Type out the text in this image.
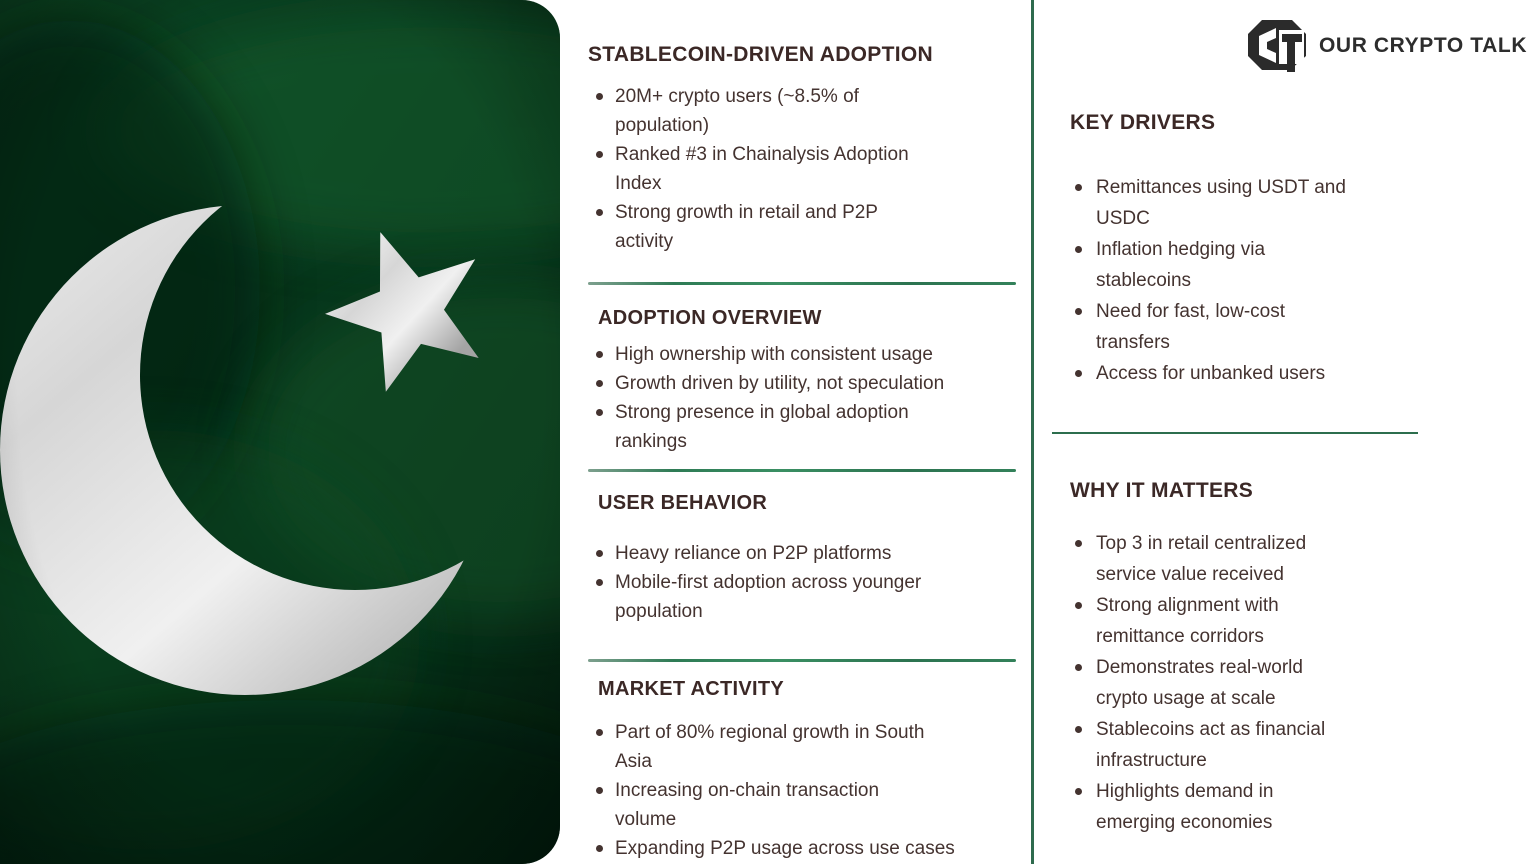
STABLECOIN-DRIVEN ADOPTION
20M+ crypto users (~8.5% of
population)
Ranked #3 in Chainalysis Adoption
Index
Strong growth in retail and P2P
activity
ADOPTION OVERVIEW
High ownership with consistent usage
Growth driven by utility, not speculation
Strong presence in global adoption
rankings
USER BEHAVIOR
Heavy reliance on P2P platforms
Mobile-first adoption across younger
population
MARKET ACTIVITY
Part of 80% regional growth in South
Asia
Increasing on-chain transaction
volume
Expanding P2P usage across use cases
KEY DRIVERS
Remittances using USDT and
USDC
Inflation hedging via
stablecoins
Need for fast, low-cost
transfers
Access for unbanked users
WHY IT MATTERS
Top 3 in retail centralized
service value received
Strong alignment with
remittance corridors
Demonstrates real-world
crypto usage at scale
Stablecoins act as financial
infrastructure
Highlights demand in
emerging economies
OUR CRYPTO TALK
